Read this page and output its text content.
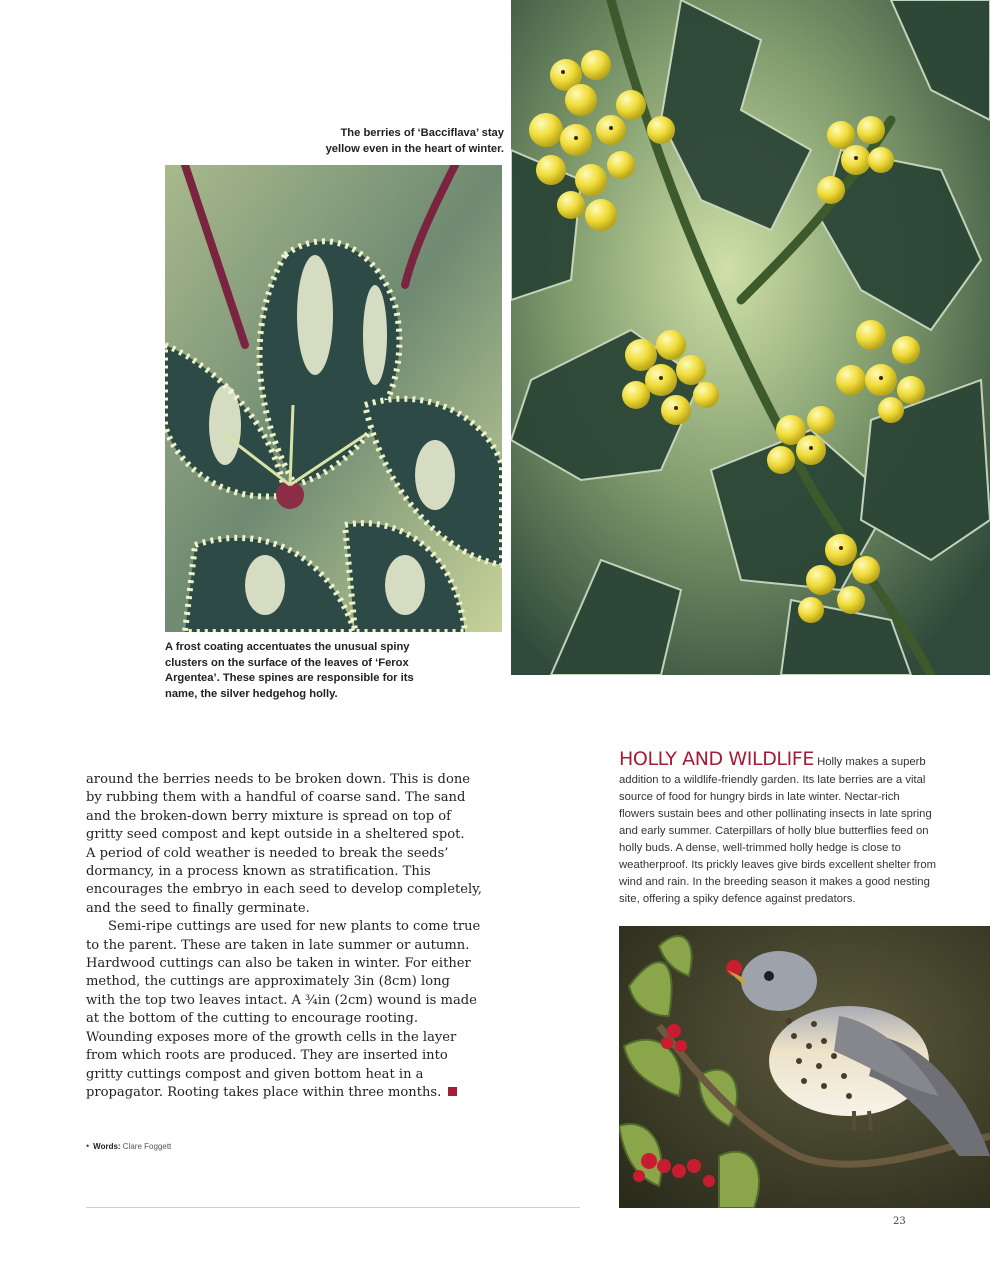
The berries of ‘Bacciflava’ stay
yellow even in the heart of winter.
A frost coating accentuates the unusual spiny
clusters on the surface of the leaves of ‘Ferox
Argentea’. These spines are responsible for its
name, the silver hedgehog holly.
around the berries needs to be broken down. This is done
by rubbing them with a handful of coarse sand. The sand
and the broken-down berry mixture is spread on top of
gritty seed compost and kept outside in a sheltered spot.
A period of cold weather is needed to break the seeds’
dormancy, in a process known as stratification. This
encourages the embryo in each seed to develop completely,
and the seed to finally germinate.
Semi-ripe cuttings are used for new plants to come true
to the parent. These are taken in late summer or autumn.
Hardwood cuttings can also be taken in winter. For either
method, the cuttings are approximately 3in (8cm) long
with the top two leaves intact. A ¾in (2cm) wound is made
at the bottom of the cutting to encourage rooting.
Wounding exposes more of the growth cells in the layer
from which roots are produced. They are inserted into
gritty cuttings compost and given bottom heat in a
propagator. Rooting takes place within three months.
• Words: Clare Foggett
HOLLY AND WILDLIFE Holly makes a superb
addition to a wildlife-friendly garden. Its late berries are a vital
source of food for hungry birds in late winter. Nectar-rich
flowers sustain bees and other pollinating insects in late spring
and early summer. Caterpillars of holly blue butterflies feed on
holly buds. A dense, well-trimmed holly hedge is close to
weatherproof. Its prickly leaves give birds excellent shelter from
wind and rain. In the breeding season it makes a good nesting
site, offering a spiky defence against predators.
23
